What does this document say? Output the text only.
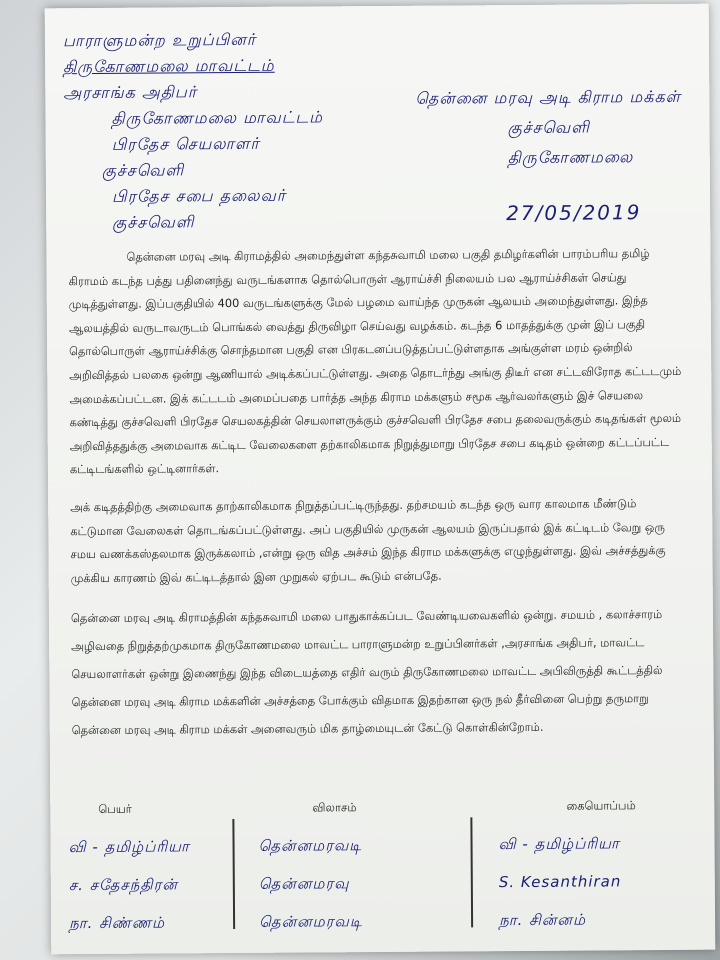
பாராளுமன்ற உறுப்பினர்
திருகோணமலை மாவட்டம்
அரசாங்க அதிபர்
திருகோணமலை மாவட்டம்
பிரதேச செயலாளர்
குச்சவெளி
பிரதேச சபை தலைவர்
குச்சவெளி
தென்னை மரவு அடி கிராம மக்கள்
குச்சவெளி
திருகோணமலை
27/05/2019

தென்னை மரவு அடி கிராமத்தில் அமைந்துள்ள கந்தசுவாமி மலை பகுதி தமிழர்களின் பாரம்பரிய தமிழ் கிராமம் கடந்த பத்து பதினைந்து வருடங்களாக தொல்பொருள் ஆராய்ச்சி நிலையம் பல ஆராய்ச்சிகள் செய்து முடித்துள்ளது. இப்பகுதியில் 400 வருடங்களுக்கு மேல் பழமை வாய்ந்த முருகன் ஆலயம் அமைந்துள்ளது. இந்த ஆலயத்தில் வருடாவருடம் பொங்கல் வைத்து திருவிழா செய்வது வழக்கம். கடந்த 6 மாதத்துக்கு முன் இப் பகுதி தொல்பொருள் ஆராய்ச்சிக்கு சொந்தமான பகுதி என பிரகடனப்படுத்தப்பட்டுள்ளதாக அங்குள்ள மரம் ஒன்றில் அறிவித்தல் பலகை ஒன்று ஆணியால் அடிக்கப்பட்டுள்ளது. அதை தொடர்ந்து அங்கு திடீர் என சட்டவிரோத கட்டடமும் அமைக்கப்பட்டன. இக் கட்டடம் அமைப்பதை பார்த்த அந்த கிராம மக்களும் சமூக ஆர்வலர்களும் இச் செயலை கண்டித்து குச்சவெளி பிரதேச செயலகத்தின் செயலாளருக்கும் குச்சவெளி பிரதேச சபை தலைவருக்கும் கடிதங்கள் மூலம் அறிவித்ததுக்கு அமைவாக கட்டிட வேலைகளை தற்காலிகமாக நிறுத்துமாறு பிரதேச சபை கடிதம் ஒன்றை கட்டப்பட்ட கட்டிடங்களில் ஒட்டினார்கள்.

அக் கடிதத்திற்கு அமைவாக தாற்காலிகமாக நிறுத்தப்பட்டிருந்தது. தற்சமயம் கடந்த ஒரு வார காலமாக மீண்டும் கட்டுமான வேலைகள் தொடங்கப்பட்டுள்ளது. அப் பகுதியில் முருகன் ஆலயம் இருப்பதால் இக் கட்டிடம் வேறு ஒரு சமய வணக்கஸ்தலமாக இருக்கலாம் ,என்று ஒரு வித அச்சம் இந்த கிராம மக்களுக்கு எழுந்துள்ளது. இவ் அச்சத்துக்கு முக்கிய காரணம் இவ் கட்டிடத்தால் இன முறுகல் ஏற்பட கூடும் என்பதே.

தென்னை மரவு அடி கிராமத்தின் கந்தசுவாமி மலை பாதுகாக்கப்பட வேண்டியவைகளில் ஒன்று. சமயம் , கலாச்சாரம் அழிவதை நிறுத்தற்முகமாக திருகோணமலை மாவட்ட பாராளுமன்ற உறுப்பினர்கள் ,அரசாங்க அதிபர், மாவட்ட செயலாளர்கள் ஒன்று இணைந்து இந்த விடையத்தை எதிர் வரும் திருகோணமலை மாவட்ட அபிவிருத்தி கூட்டத்தில் தென்னை மரவு அடி கிராம மக்களின் அச்சத்தை போக்கும் விதமாக இதற்கான ஒரு நல் தீர்வினை பெற்று தருமாறு தென்னை மரவு அடி கிராம மக்கள் அனைவரும் மிக தாழ்மையுடன் கேட்டு கொள்கின்றோம்.

பெயர்	விலாசம்	கையொப்பம்
வி - தமிழ்ப்ரியா
ச. சதேசந்திரன்
நா. சிண்ணம்
தென்னமரவடி
தென்னமரவு
தென்னமரவடி
வி - தமிழ்ப்ரியா
S. Kesanthiran
நா. சின்னம்
